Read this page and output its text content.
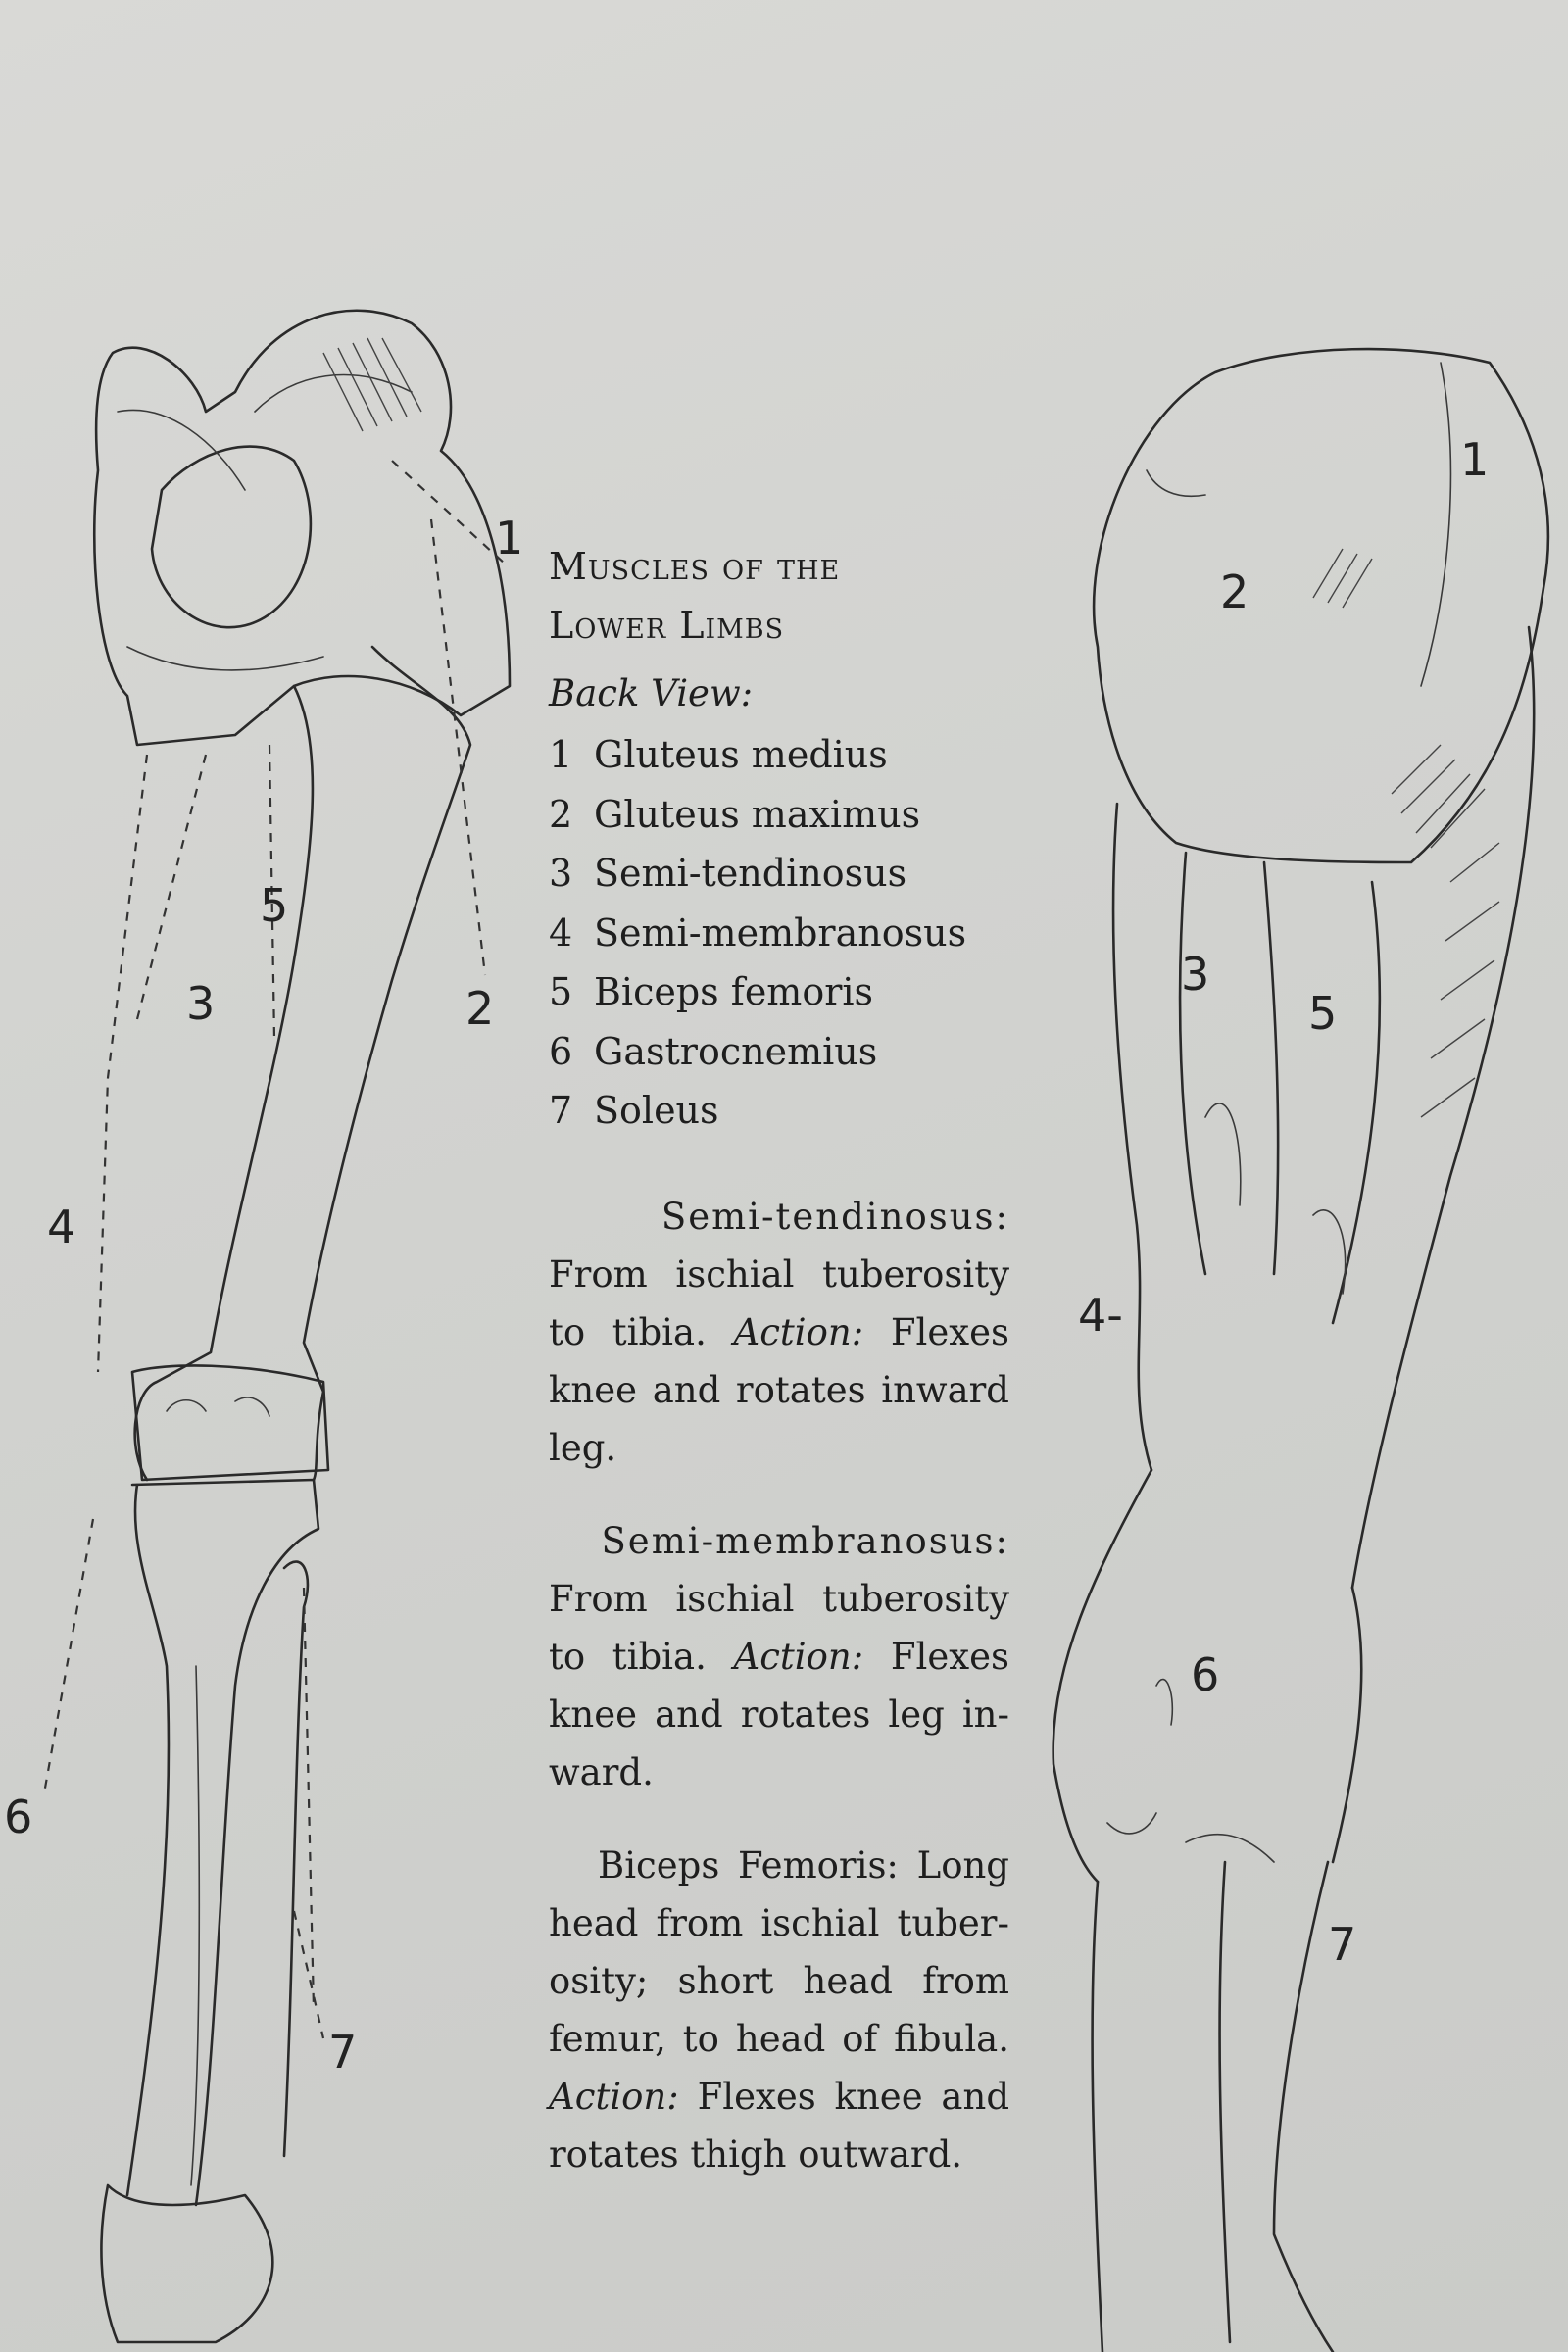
1
2
3
4
5
6
7
1
2
3
4-
5
6
7
Muscles of the
Lower Limbs
Back View:
1 Gluteus medius
2 Gluteus maximus
3 Semi-tendinosus
4 Semi-membranosus
5 Biceps femoris
6 Gastrocnemius
7 Soleus

Semi-tendinosus:
From ischial tuberosity to tibia. Action: Flexes knee and rotates inward leg.

Semi-membranosus:
From ischial tuberosity to tibia. Action: Flexes knee and rotates leg in-ward.

Biceps Femoris: Long head from ischial tuber-osity; short head from femur, to head of fibula. Action: Flexes knee and rotates thigh outward.
